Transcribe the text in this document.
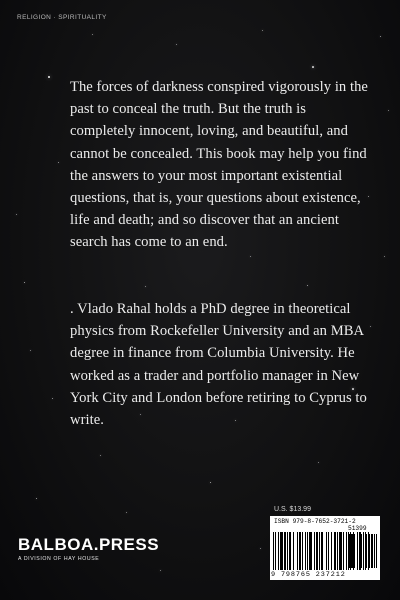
RELIGION · SPIRITUALITY

The forces of darkness conspired vigorously in the past to conceal the truth. But the truth is completely innocent, loving, and beautiful, and cannot be concealed. This book may help you find the answers to your most important existential questions, that is, your questions about existence, life and death; and so discover that an ancient search has come to an end.

. Vlado Rahal holds a PhD degree in theoretical physics from Rockefeller University and an MBA degree in finance from Columbia University. He worked as a trader and portfolio manager in New York City and London before retiring to Cyprus to write.

BALBOA.PRESS
A DIVISION OF HAY HOUSE
U.S. $13.99
ISBN 979-8-7652-3721-2
51399
9 798765 237212
